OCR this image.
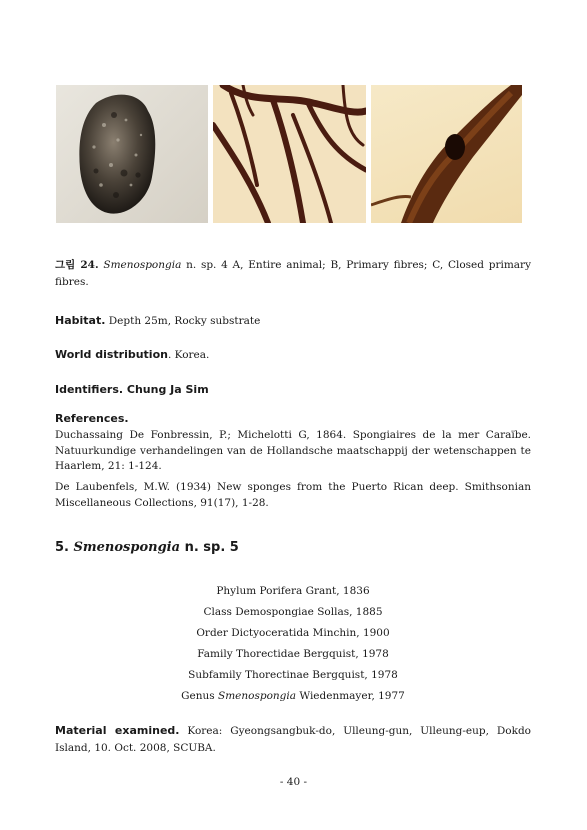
그림 24. Smenospongia n. sp. 4 A, Entire animal; B, Primary fibres; C, Closed primary fibres.
Habitat. Depth 25m, Rocky substrate
World distribution. Korea.
Identifiers. Chung Ja Sim
References.
Duchassaing De Fonbressin, P.; Michelotti G, 1864. Spongiaires de la mer Caraïbe. Natuurkundige verhandelingen van de Hollandsche maatschappij der wetenschappen te Haarlem, 21: 1-124.
De Laubenfels, M.W. (1934) New sponges from the Puerto Rican deep. Smithsonian Miscellaneous Collections, 91(17), 1-28.
5. Smenospongia n. sp. 5
Phylum Porifera Grant, 1836
Class Demospongiae Sollas, 1885
Order Dictyoceratida Minchin, 1900
Family Thorectidae Bergquist, 1978
Subfamily Thorectinae Bergquist, 1978
Genus Smenospongia Wiedenmayer, 1977
Material examined. Korea: Gyeongsangbuk-do, Ulleung-gun, Ulleung-eup, Dokdo Island, 10. Oct. 2008, SCUBA.
- 40 -
